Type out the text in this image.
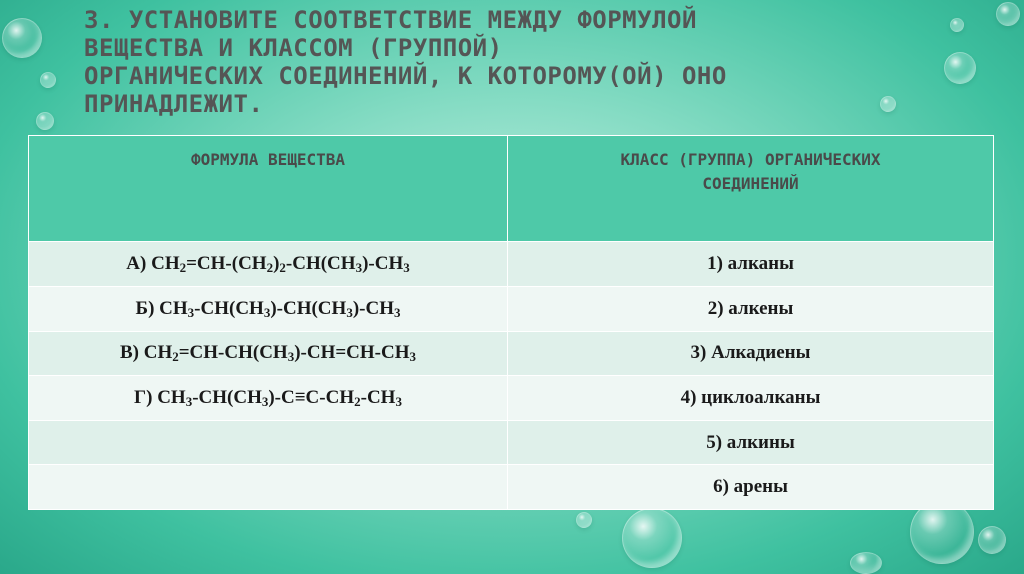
3. УСТАНОВИТЕ СООТВЕТСТВИЕ МЕЖДУ ФОРМУЛОЙ
ВЕЩЕСТВА И КЛАССОМ (ГРУППОЙ)
ОРГАНИЧЕСКИХ СОЕДИНЕНИЙ, К КОТОРОМУ(ОЙ) ОНО
ПРИНАДЛЕЖИТ.
ФОРМУЛА ВЕЩЕСТВА	КЛАСС (ГРУППА) ОРГАНИЧЕСКИХ
СОЕДИНЕНИЙ
А) $CH_2=CH-(CH_2)_2-CH(CH_3)-CH_3$	1) алканы
Б) $CH_3-CH(CH_3)-CH(CH_3)-CH_3$	2) алкены
В) $CH_2=CH-CH(CH_3)-CH=CH-CH_3$	3) Алкадиены
Г) $CH_3-CH(CH_3)-C\equiv C-CH_2-CH_3$	4) циклоалканы
	5) алкины
	6) арены
